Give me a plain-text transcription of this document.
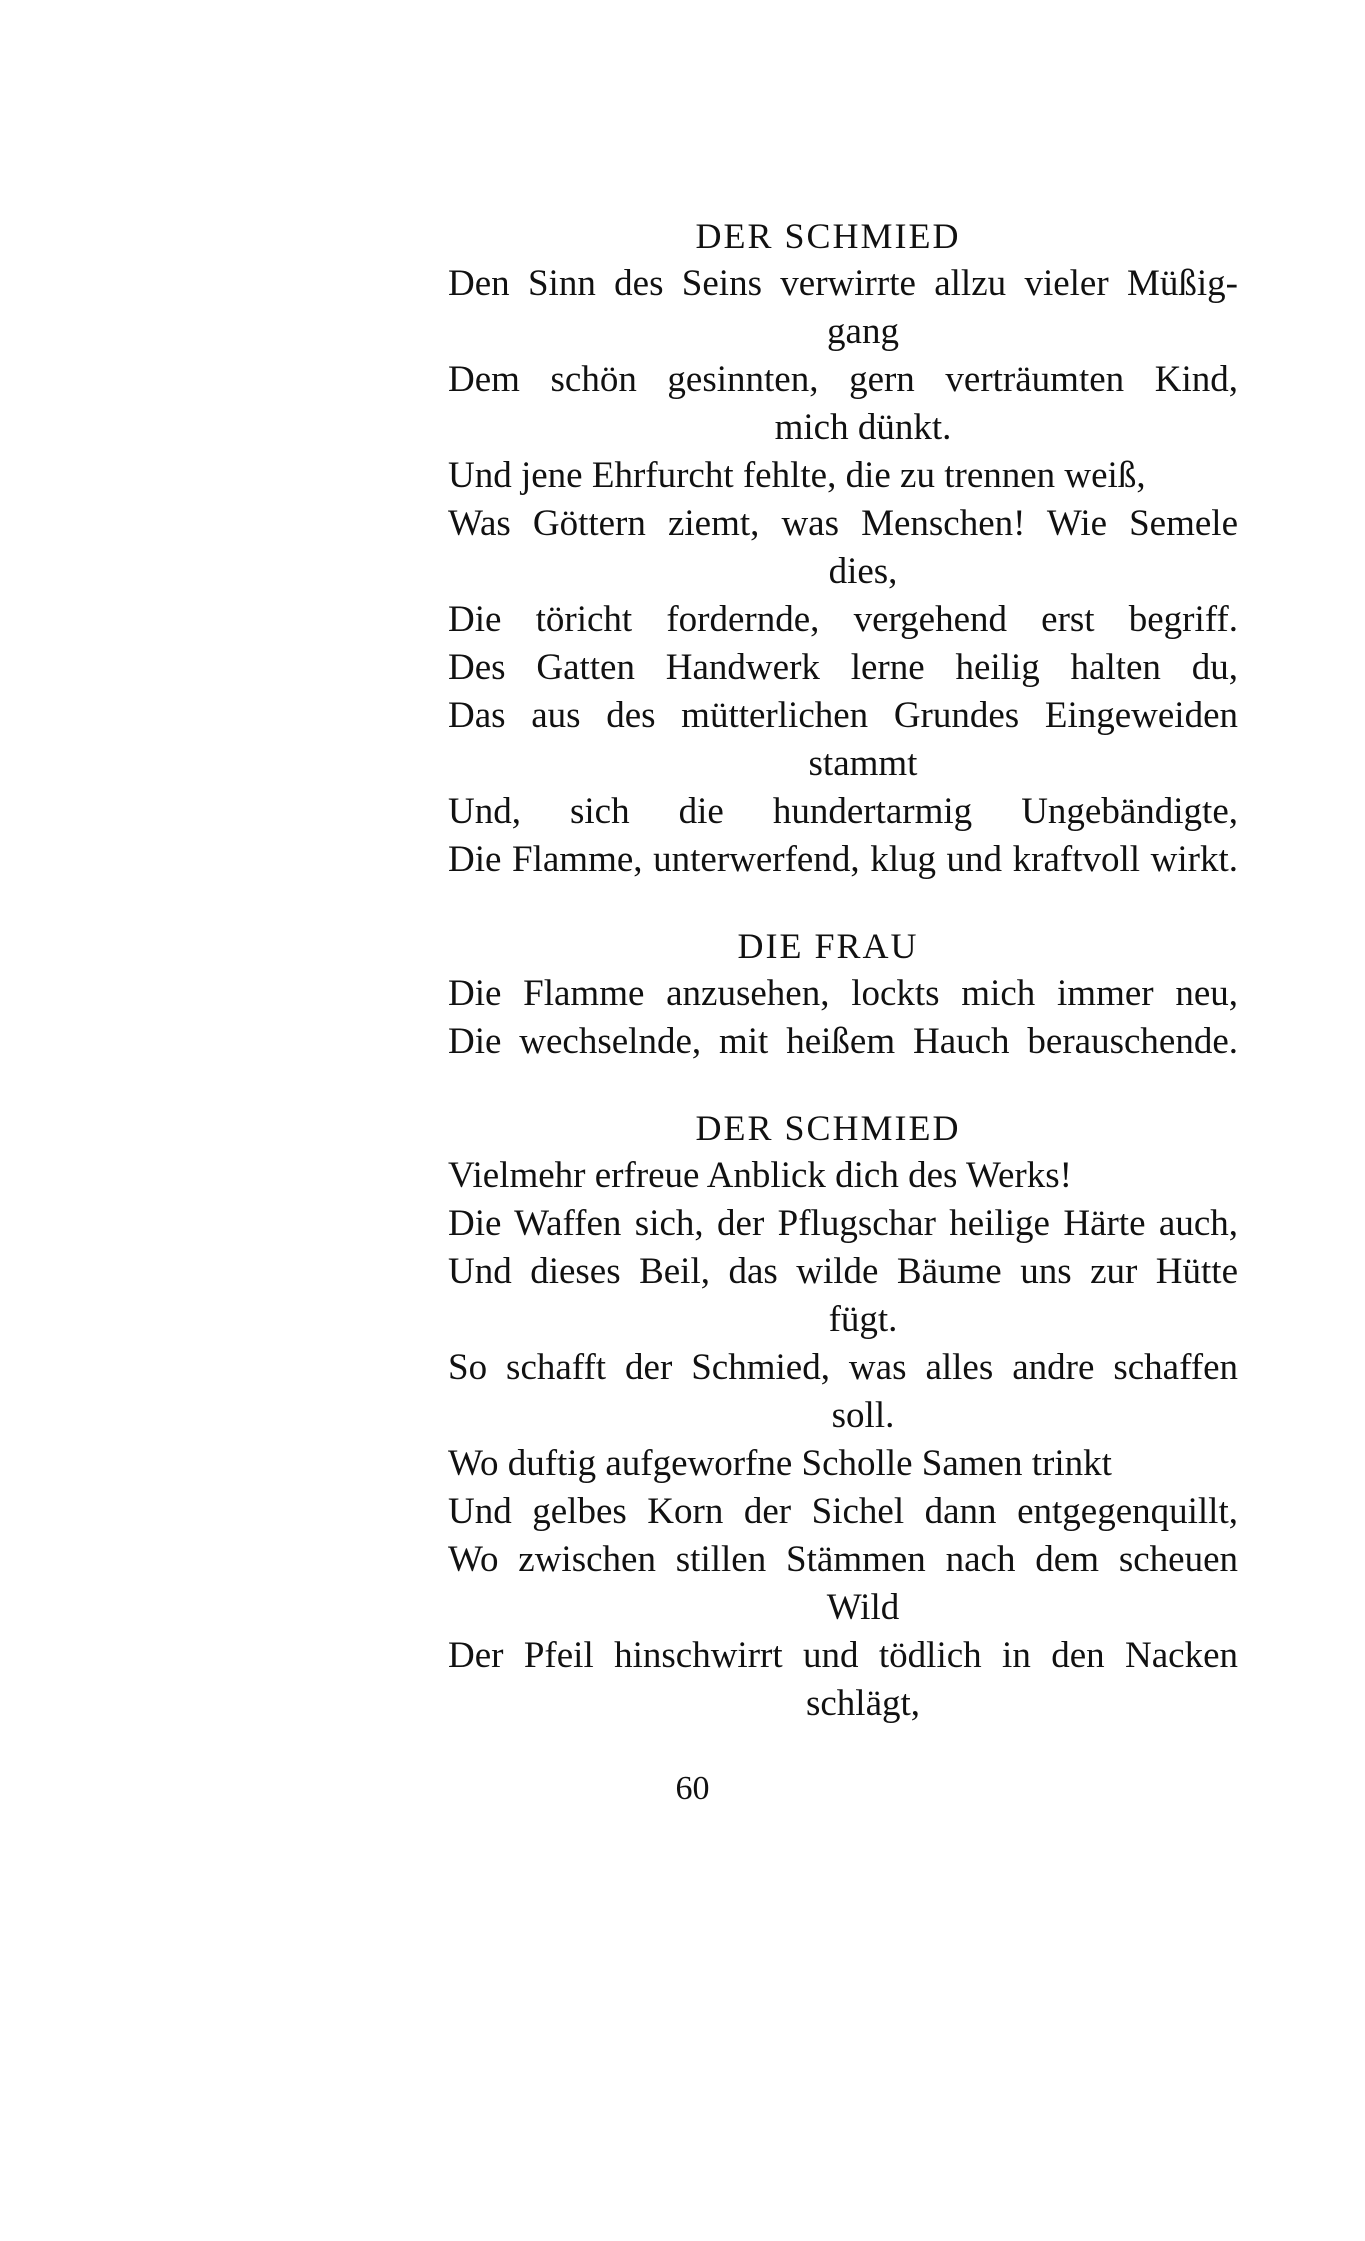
DER SCHMIED
Den Sinn des Seins verwirrte allzu vieler Müßig-
gang
Dem schön gesinnten, gern verträumten Kind,
mich dünkt.
Und jene Ehrfurcht fehlte, die zu trennen weiß,
Was Göttern ziemt, was Menschen! Wie Semele
dies,
Die töricht fordernde, vergehend erst begriff.
Des Gatten Handwerk lerne heilig halten du,
Das aus des mütterlichen Grundes Eingeweiden
stammt
Und, sich die hundertarmig Ungebändigte,
Die Flamme, unterwerfend, klug und kraftvoll wirkt.
DIE FRAU
Die Flamme anzusehen, lockts mich immer neu,
Die wechselnde, mit heißem Hauch berauschende.
DER SCHMIED
Vielmehr erfreue Anblick dich des Werks!
Die Waffen sich, der Pflugschar heilige Härte auch,
Und dieses Beil, das wilde Bäume uns zur Hütte
fügt.
So schafft der Schmied, was alles andre schaffen
soll.
Wo duftig aufgeworfne Scholle Samen trinkt
Und gelbes Korn der Sichel dann entgegenquillt,
Wo zwischen stillen Stämmen nach dem scheuen
Wild
Der Pfeil hinschwirrt und tödlich in den Nacken
schlägt,
60
